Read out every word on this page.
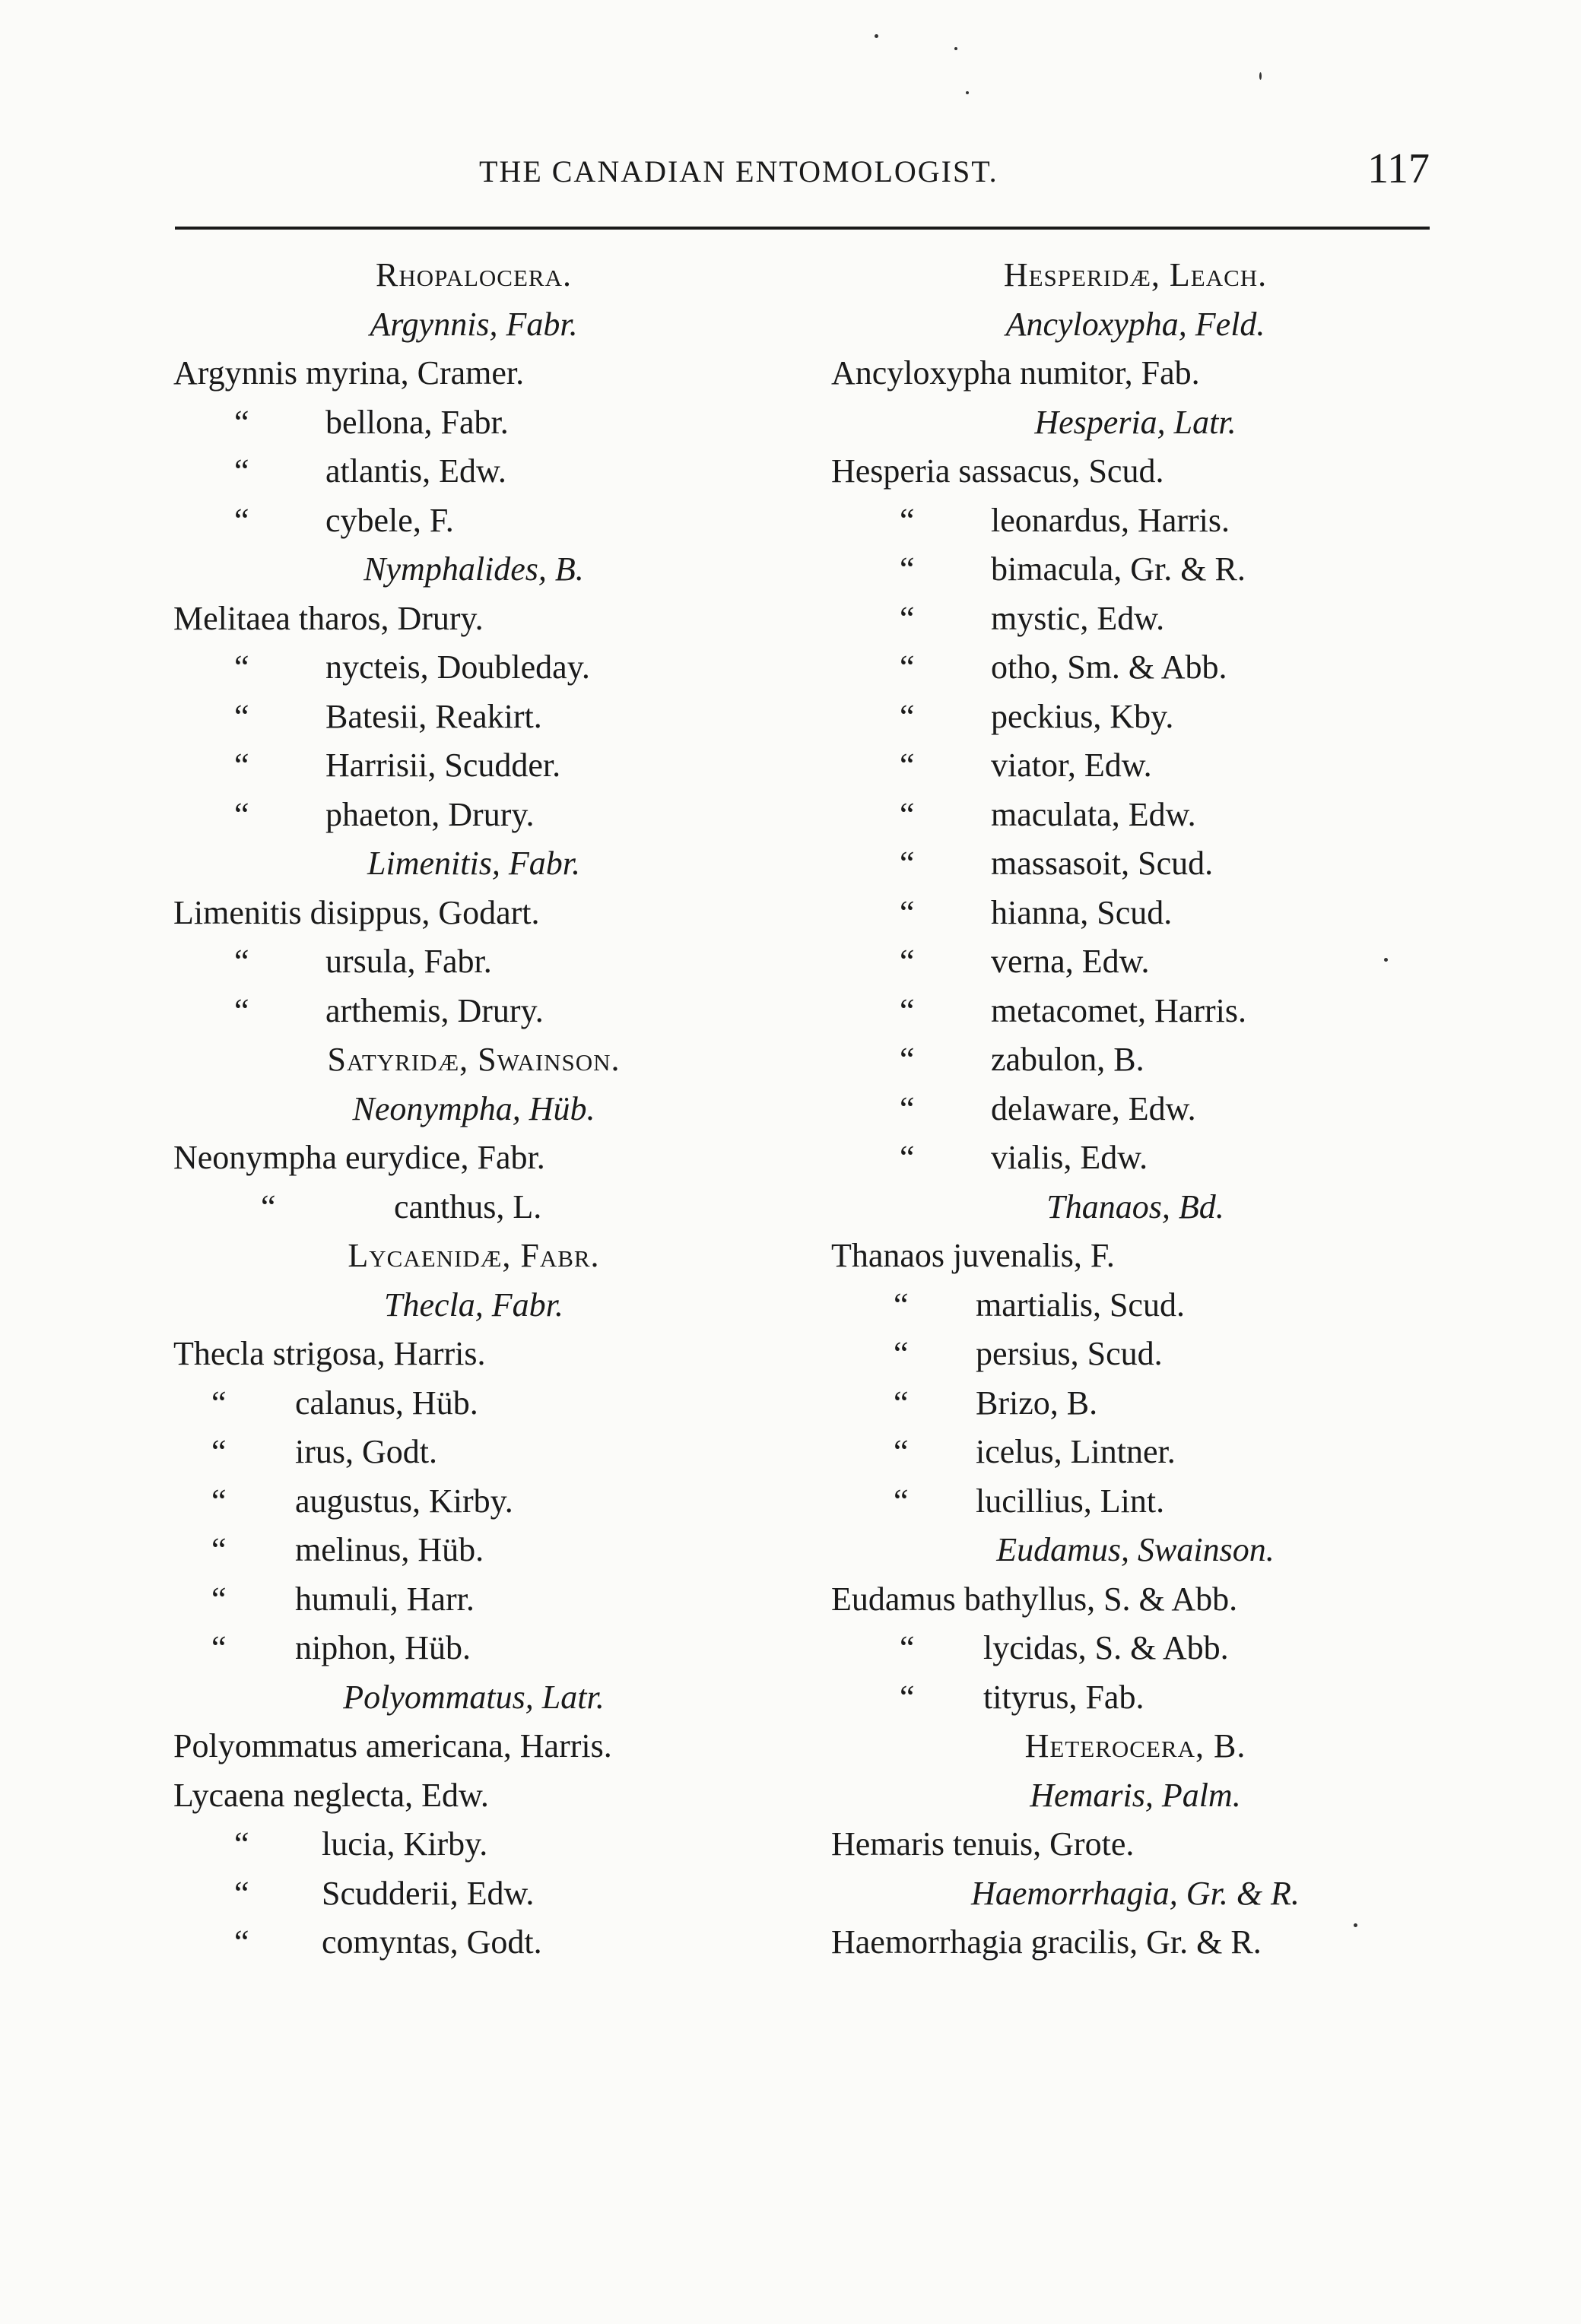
THE CANADIAN ENTOMOLOGIST.	117
Rhopalocera.
Argynnis, Fabr.
Argynnis myrina, Cramer.
“ bellona, Fabr.
“ atlantis, Edw.
“ cybele, F.
Nymphalides, B.
Melitaea tharos, Drury.
“ nycteis, Doubleday.
“ Batesii, Reakirt.
“ Harrisii, Scudder.
“ phaeton, Drury.
Limenitis, Fabr.
Limenitis disippus, Godart.
“ ursula, Fabr.
“ arthemis, Drury.
Satyridæ, Swainson.
Neonympha, Hüb.
Neonympha eurydice, Fabr.
“	canthus, L.
Lycaenidæ, Fabr.
Thecla, Fabr.
Thecla strigosa, Harris.
“ calanus, Hüb.
“ irus, Godt.
“ augustus, Kirby.
“ melinus, Hüb.
“ humuli, Harr.
“ niphon, Hüb.
Polyommatus, Latr.
Polyommatus americana, Harris.
Lycaena neglecta, Edw.
“ lucia, Kirby.
“ Scudderii, Edw.
“ comyntas, Godt.
Hesperidæ, Leach.
Ancyloxypha, Feld.
Ancyloxypha numitor, Fab.
Hesperia, Latr.
Hesperia sassacus, Scud.
“ leonardus, Harris.
“ bimacula, Gr. & R.
“ mystic, Edw.
“ otho, Sm. & Abb.
“ peckius, Kby.
“ viator, Edw.
“ maculata, Edw.
“ massasoit, Scud.
“ hianna, Scud.
“ verna, Edw.
“ metacomet, Harris.
“ zabulon, B.
“ delaware, Edw.
“ vialis, Edw.
Thanaos, Bd.
Thanaos juvenalis, F.
“ martialis, Scud.
“ persius, Scud.
“ Brizo, B.
“ icelus, Lintner.
“ lucillius, Lint.
Eudamus, Swainson.
Eudamus bathyllus, S. & Abb.
“ lycidas, S. & Abb.
“ tityrus, Fab.
Heterocera, B.
Hemaris, Palm.
Hemaris tenuis, Grote.
Haemorrhagia, Gr. & R.
Haemorrhagia gracilis, Gr. & R.
